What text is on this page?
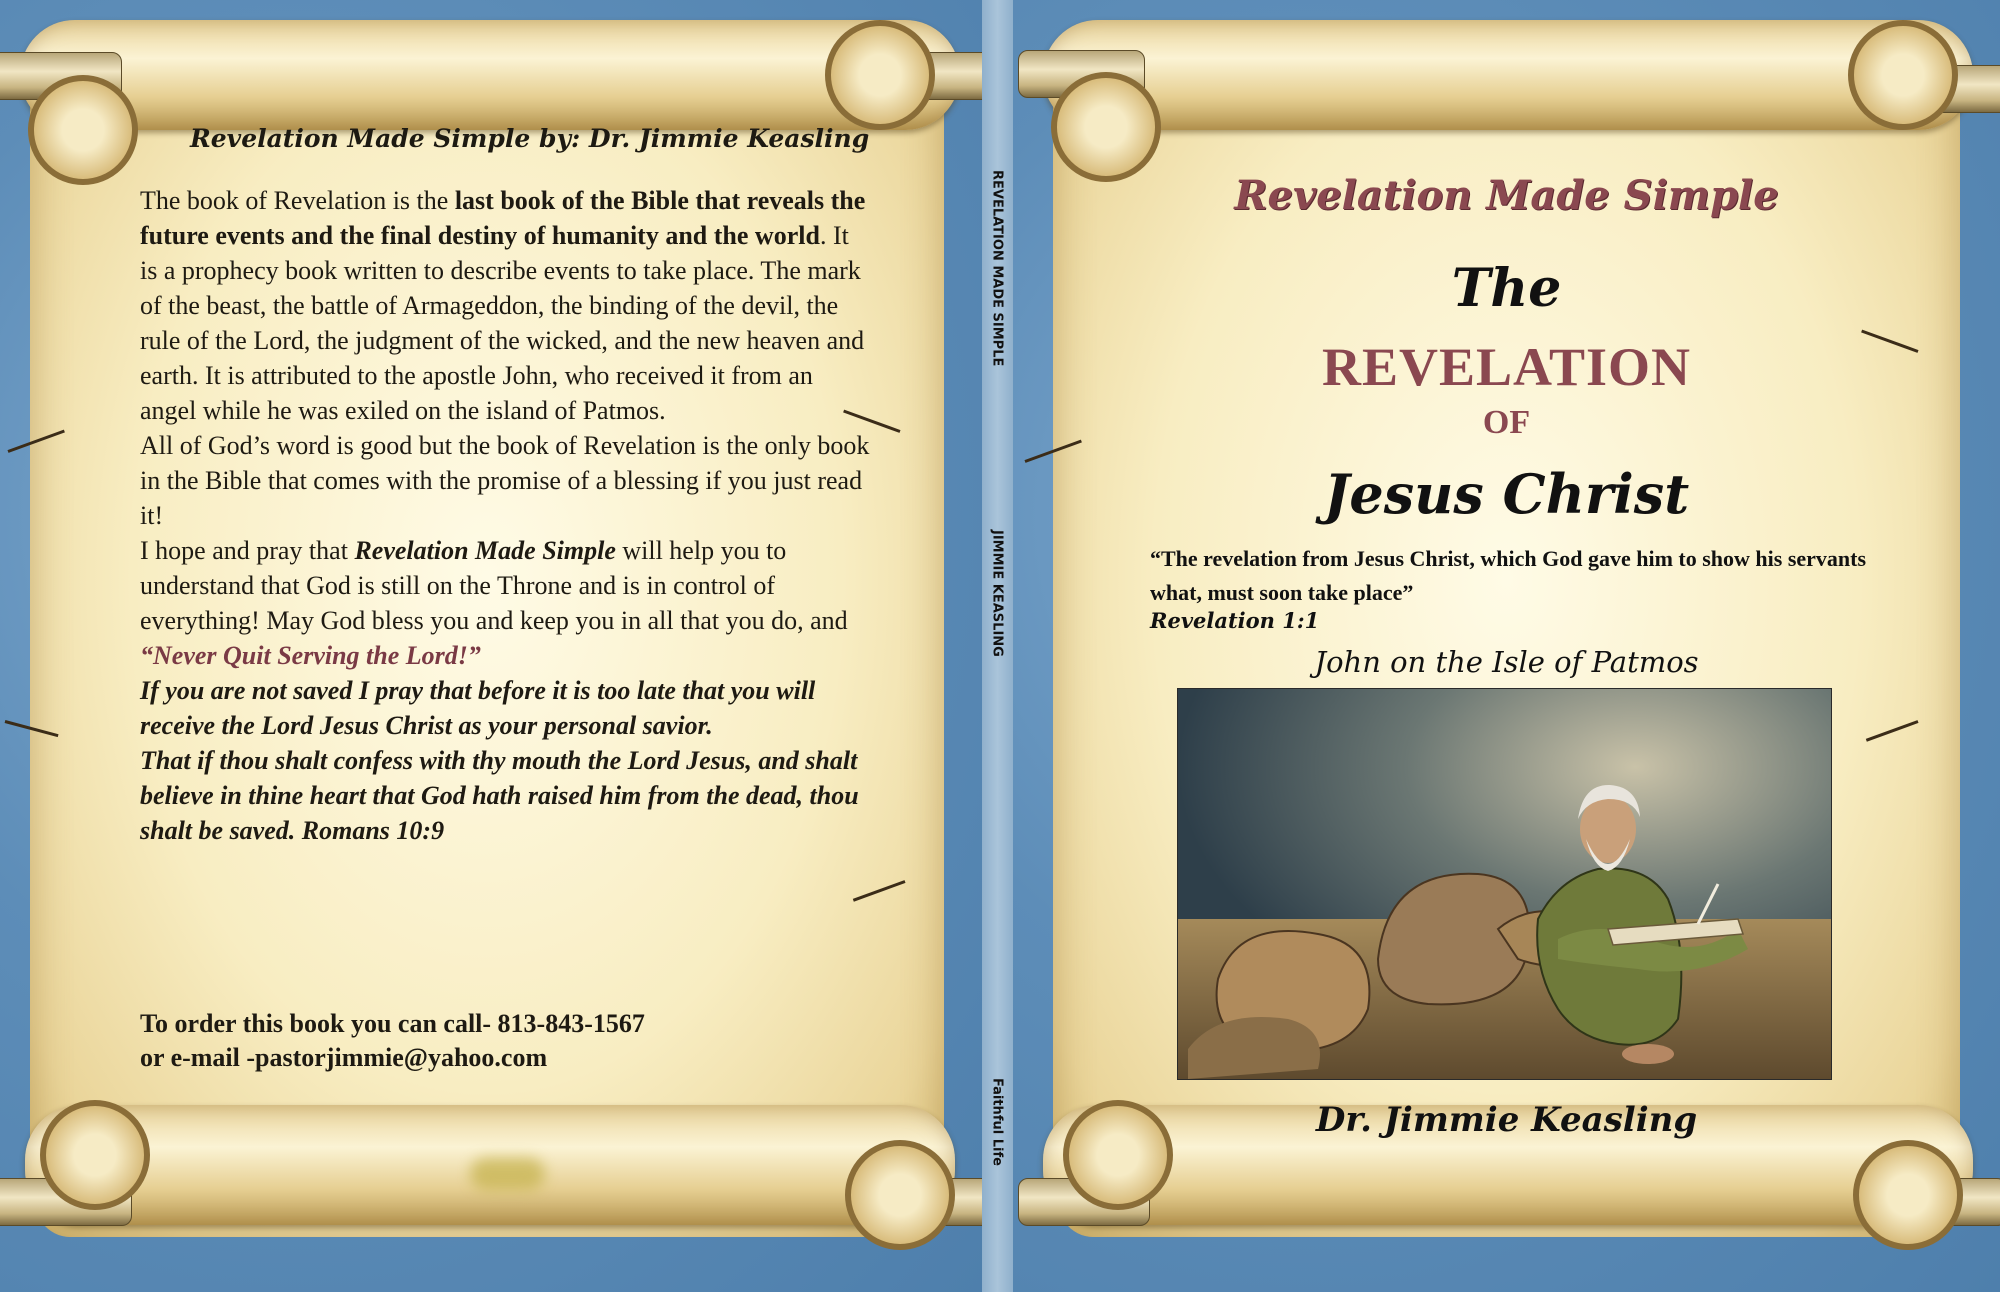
Revelation Made Simple by: Dr. Jimmie Keasling

The book of Revelation is the last book of the Bible that reveals the future events and the final destiny of humanity and the world. It is a prophecy book written to describe events to take place. The mark of the beast, the battle of Armageddon, the binding of the devil, the rule of the Lord, the judgment of the wicked, and the new heaven and earth. It is attributed to the apostle John, who received it from an angel while he was exiled on the island of Patmos.

All of God’s word is good but the book of Revelation is the only book in the Bible that comes with the promise of a blessing if you just read it!

I hope and pray that Revelation Made Simple will help you to understand that God is still on the Throne and is in control of everything! May God bless you and keep you in all that you do, and “Never Quit Serving the Lord!”

If you are not saved I pray that before it is too late that you will receive the Lord Jesus Christ as your personal savior.

That if thou shalt confess with thy mouth the Lord Jesus, and shalt believe in thine heart that God hath raised him from the dead, thou shalt be saved. Romans 10:9

To order this book you can call- 813-843-1567
or e-mail -pastorjimmie@yahoo.com
REVELATION MADE SIMPLE
JIMMIE KEASLING
Faithful Life
Revelation Made Simple
The
REVELATION
OF
Jesus Christ
“The revelation from Jesus Christ, which God gave him to show his servants what, must soon take place”
Revelation 1:1
John on the Isle of Patmos
Dr. Jimmie Keasling
